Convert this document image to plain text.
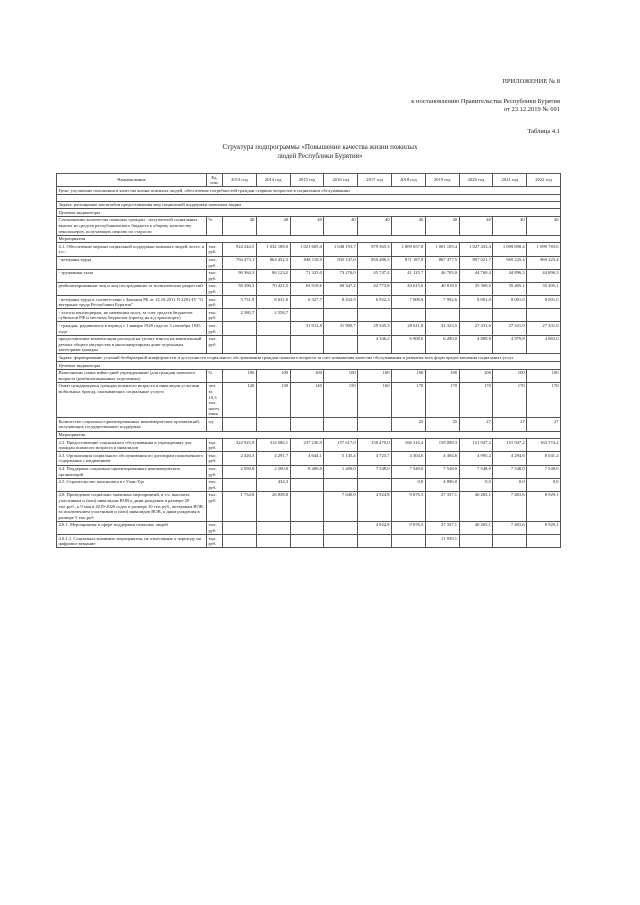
ПРИЛОЖЕНИЕ № 8
к постановлению Правительства Республики Бурятия
от 23.12.2019 № 691
Таблица 4.1
Структура подпрограммы «Повышение качества жизни пожилых
людей Республики Бурятия»
Наименование	Ед. изм.	2013 год	2014 год	2015 год	2016 год	2017 год	2018 год	2019 год	2020 год	2021 год	2022 год
Цель: улучшение положения и качества жизни пожилых людей, обеспечение потребностей граждан старших возрастов в социальном обслуживании											

Задача: расширение масштабов предоставления мер социальной поддержки пожилым людям											
Целевые индикаторы											
Соотношение количества пожилых граждан - получателей социальных выплат из средств республиканского бюджета к общему количеству пенсионеров, получающих пенсию по старости	%	40	40	40	40	40	40	40	40	40	40
Мероприятия											
4.1. Обеспечение мерами социальной поддержки пожилых людей, всего, в т.ч.:	тыс. руб.	924 244,5	1 032 188,0	1 021 605,0	1 048 193,7	979 565,3	1 009 657,8	1 001 105,4	1 027 433,4	1 009 898,4	1 099 783,6
- ветераны труда	тыс. руб.	794 473,1	864 452,3	848 118,0	835 147,0	850 486,3	871 187,8	867 477,5	897 021,7	969 225,4	969 225,4
- труженики тыла	тыс. руб.	90 364,3	86 123,2	71 325,0	73 276,0	45 747,4	41 125,7	46 705,0	44 760,4	44 896,3	44 896,3
реабилитированные лиц и лиц пострадавших от политических репрессий	тыс. руб.	58 296,3	70 421,5	63 910,6	69 347,2	42 773,8	44 615,6	40 818,5	35 369,5	35 405,1	35 405,1
- ветераны труда в соответствии с Законом РБ от 13.10.2011 N 2291-IV "О ветеранах труда Республики Бурятия"	тыс. руб.	5 731,9	8 631,0	6 327,7	8 432,9	6 952,3	7 008,9	7 992,6	8 001,0	8 001,0	8 001,0
- льготы пенсионерам, не имеющим льгот, за счет средств бюджетов субъектов РФ и местных бюджетов (проезд на а/д транспорте)	тыс. руб.	2 380,7	2 558,7								
- граждан, родившихся в период с 1 января 1928 года по 3 сентября 1945 года	тыс. руб.			31 912,8	31 900,7	29 345,3	28 611,8	32 323,5	27 331,0	27 331,0	27 331,0
предоставление компенсации расходов на уплату взноса на капитальный ремонт общего имущества в многоквартирном доме отдельным категориям граждан	тыс. руб.					4 346,2	6 908,0	6 280,0	4 889,8	4 979,8	4 865,0
Задача: формирование условий безбарьерной комфортности и доступности социального обслуживания граждан пожилого возраста за счет повышения качества обслуживания и развития всех форм предоставления социальных услуг											
Целевые индикаторы											
Выполнение плана койко-дней учреждениями (для граждан пожилого возраста (реабилитационных отделениях)	%	100	100	100	100	100	100	100	100	100	100
Охват нуждающихся граждан пожилого возраста и инвалидов услугами мобильных бригад, оказывающих социальные услуги	чел. за 10,3 тыс. населения	120	130	140	150	160	170	170	170	170	170
Количество социально-ориентированных некоммерческих организаций, получающих государственную поддержку	ед.						25	25	27	27	27
Мероприятия											
4.2. Предоставление социального обслуживания в учреждениях для граждан пожилого возраста и инвалидов	тыс. руб.	324 925,9	314 586,1	237 230,9	157 617,0	150 470,0	166 316,4	159 098,3	151 947,2	151 947,2	163 574,2
4.3. Организация социального обслуживания по договорам пожизненного содержания с иждивением	тыс. руб.	2 426,3	4 291,7	4 644,1	5 145,4	4 723,7	4 304,6	4 494,6	4 995,2	4 294,6	8 041,2
4.4. Поддержка социально-ориентированных некоммерческих организаций	тыс. руб.	2 050,0	2 200,0	8 400,0	1 400,0	7 548,0	7 548,0	7 548,0	7 548,0	7 548,0	7 548,0
4.5. Строительство пансионата в г.Улан-Удэ	тыс. руб.		434,3				0,0	4 896,0	0,0	0,0	0,0
4.6. Проведение социально значимых мероприятий, в т.ч. выплаты: участникам и (или) инвалидам ВОВ к дням рождения в размере 20 тыс.руб., к 9 мая в 2019-2020 годах в размере 10 тыс.руб., ветеранам ВОВ, за исключением участников и (или) инвалидов ВОВ, к дням рождения в размере 5 тыс.руб.	тыс. руб.	1 734,8	26 838,8		7 640,0	4 924,8	9 076,3	27 337,1	40 265,1	7 401,6	8 929,1
4.6.1. Мероприятия в сфере поддержки пожилых людей	тыс. руб.					4 924,8	9 076,3	27 337,1	40 265,1	7 401,6	8 929,1
4.6.1.1. Социально-значимые мероприятия, не отнесенные к переходу на цифровое вещание	тыс. руб.							11 039,1			
